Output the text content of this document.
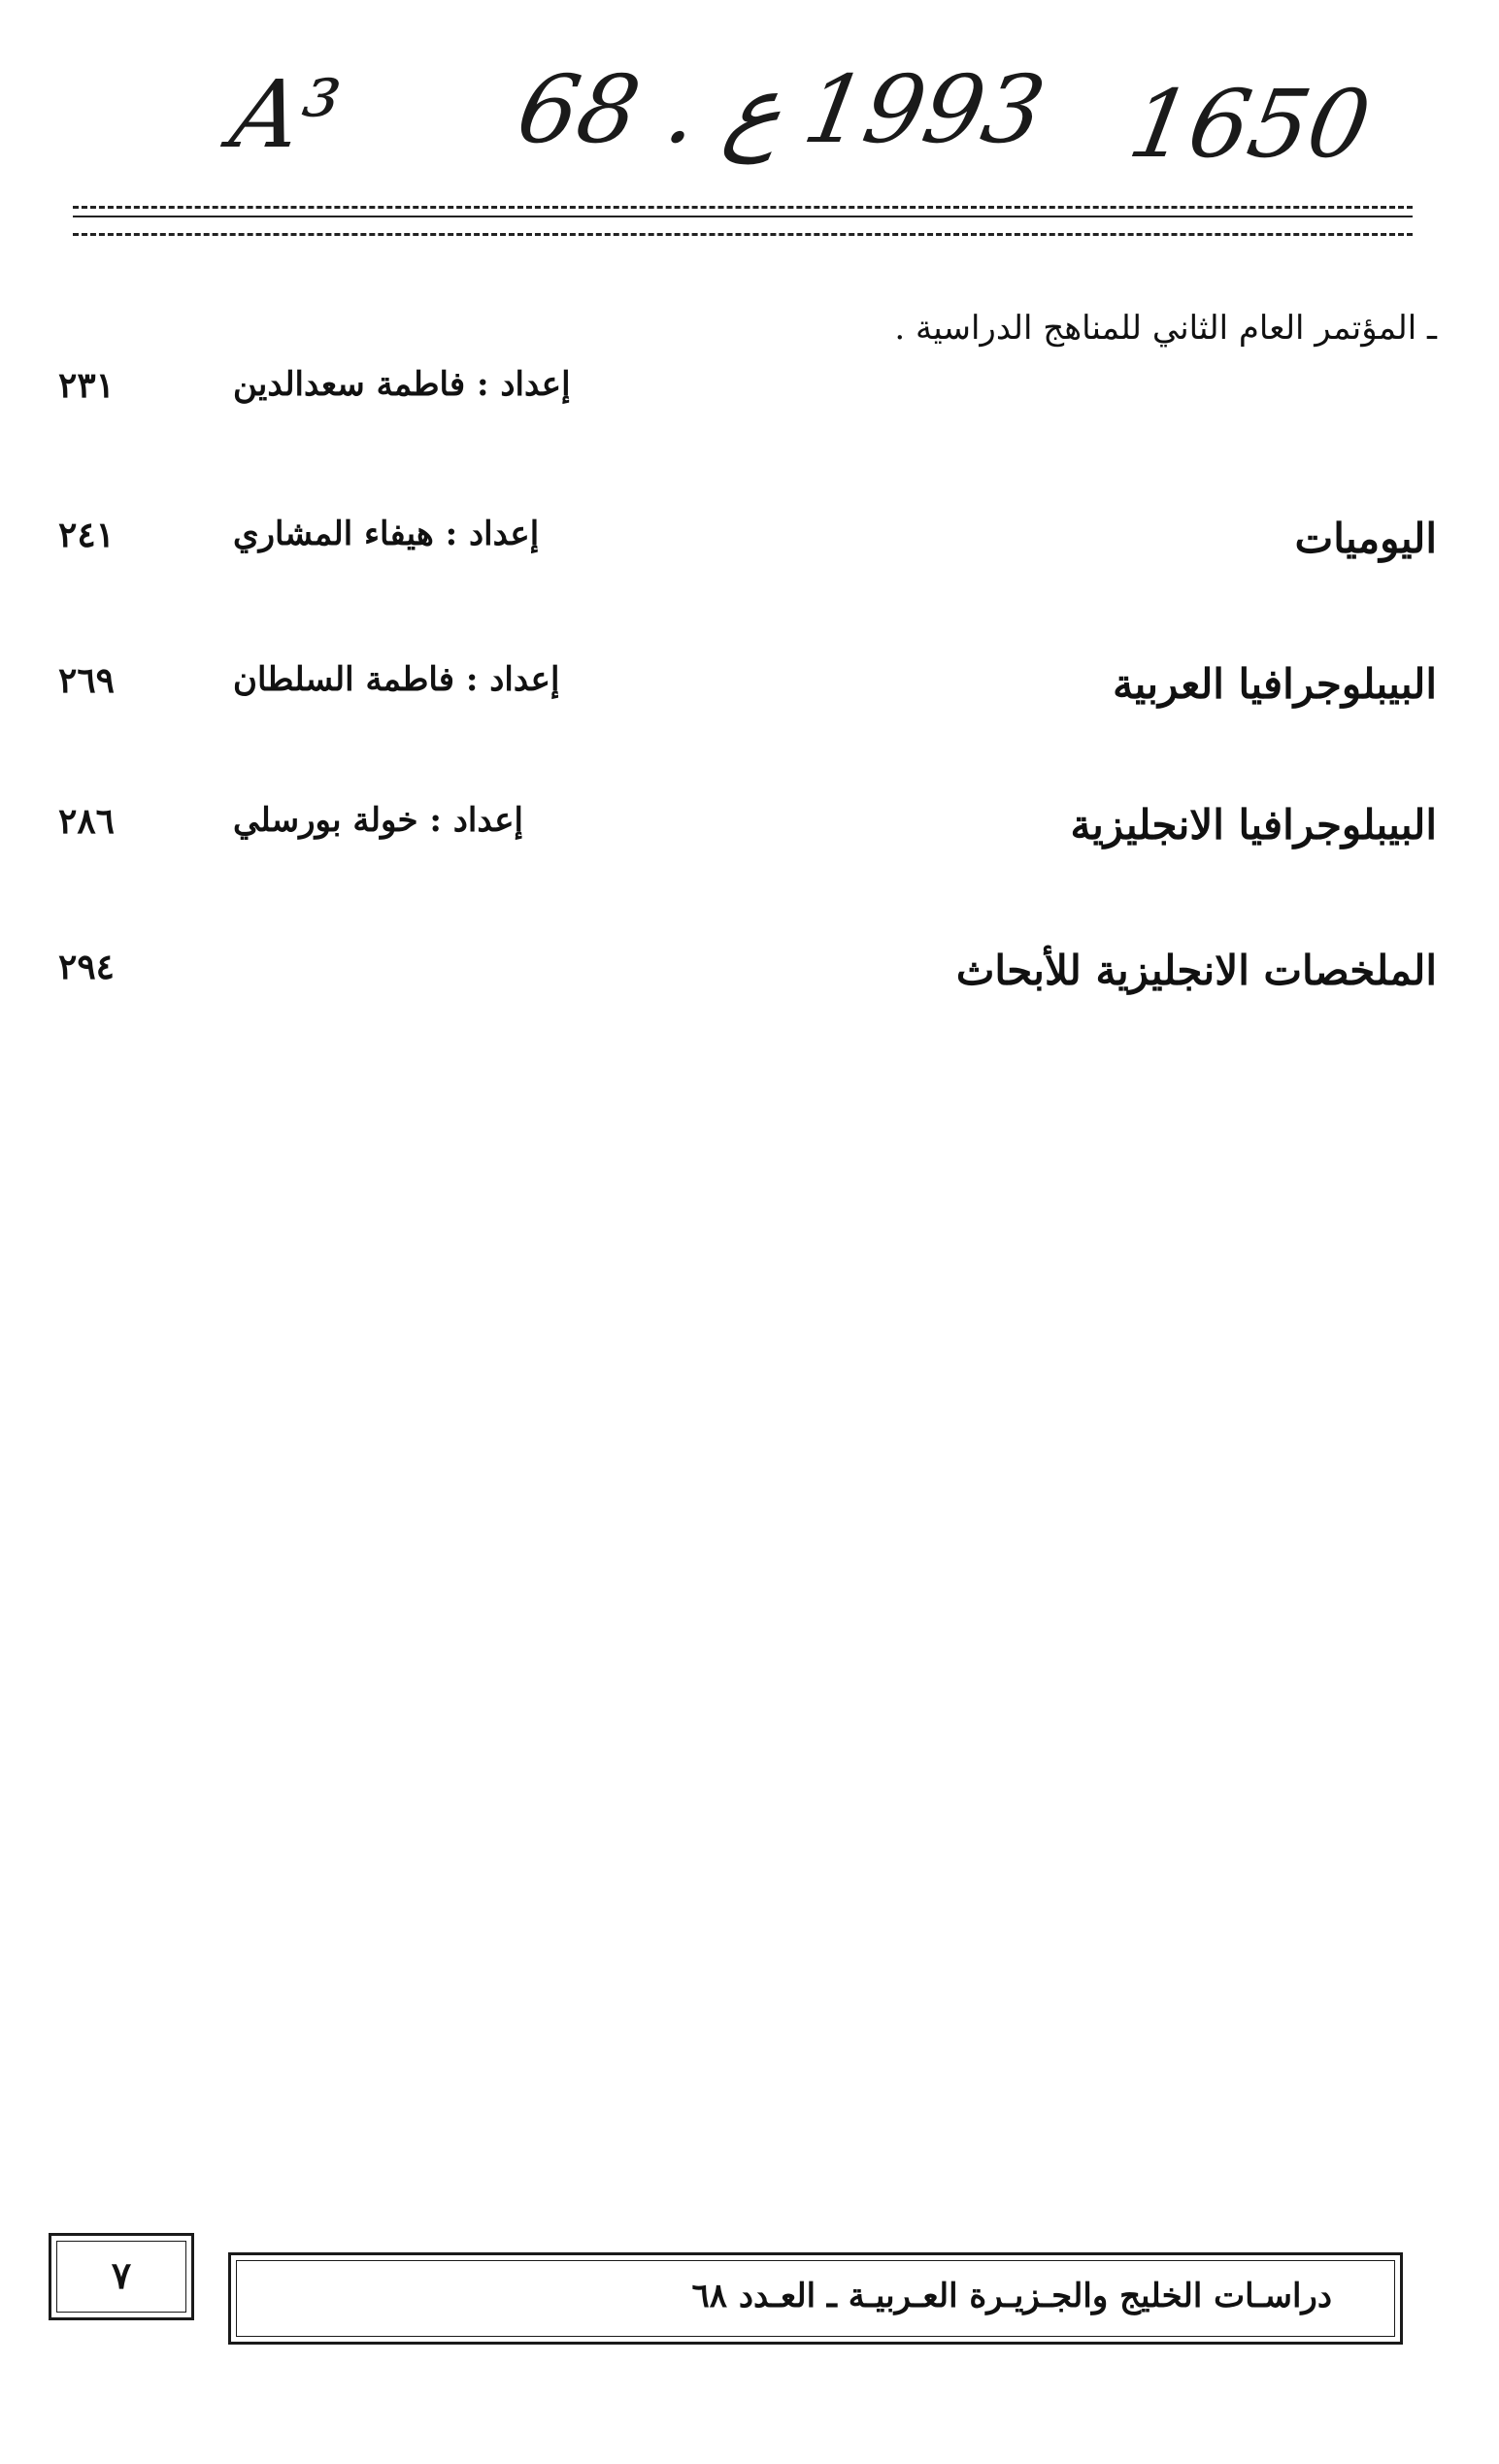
A³ 68 . ع 1993 1650
ـ المؤتمر العام الثاني للمناهج الدراسية .
إعداد : فاطمة سعدالدين
٢٣١
اليوميات
إعداد : هيفاء المشاري
٢٤١
البيبلوجرافيا العربية
إعداد : فاطمة السلطان
٢٦٩
البيبلوجرافيا الانجليزية
إعداد : خولة بورسلي
٢٨٦
الملخصات الانجليزية للأبحاث
٢٩٤
٧	دراسـات الخليج والجـزيـرة العـربيـة ـ العـدد ٦٨
